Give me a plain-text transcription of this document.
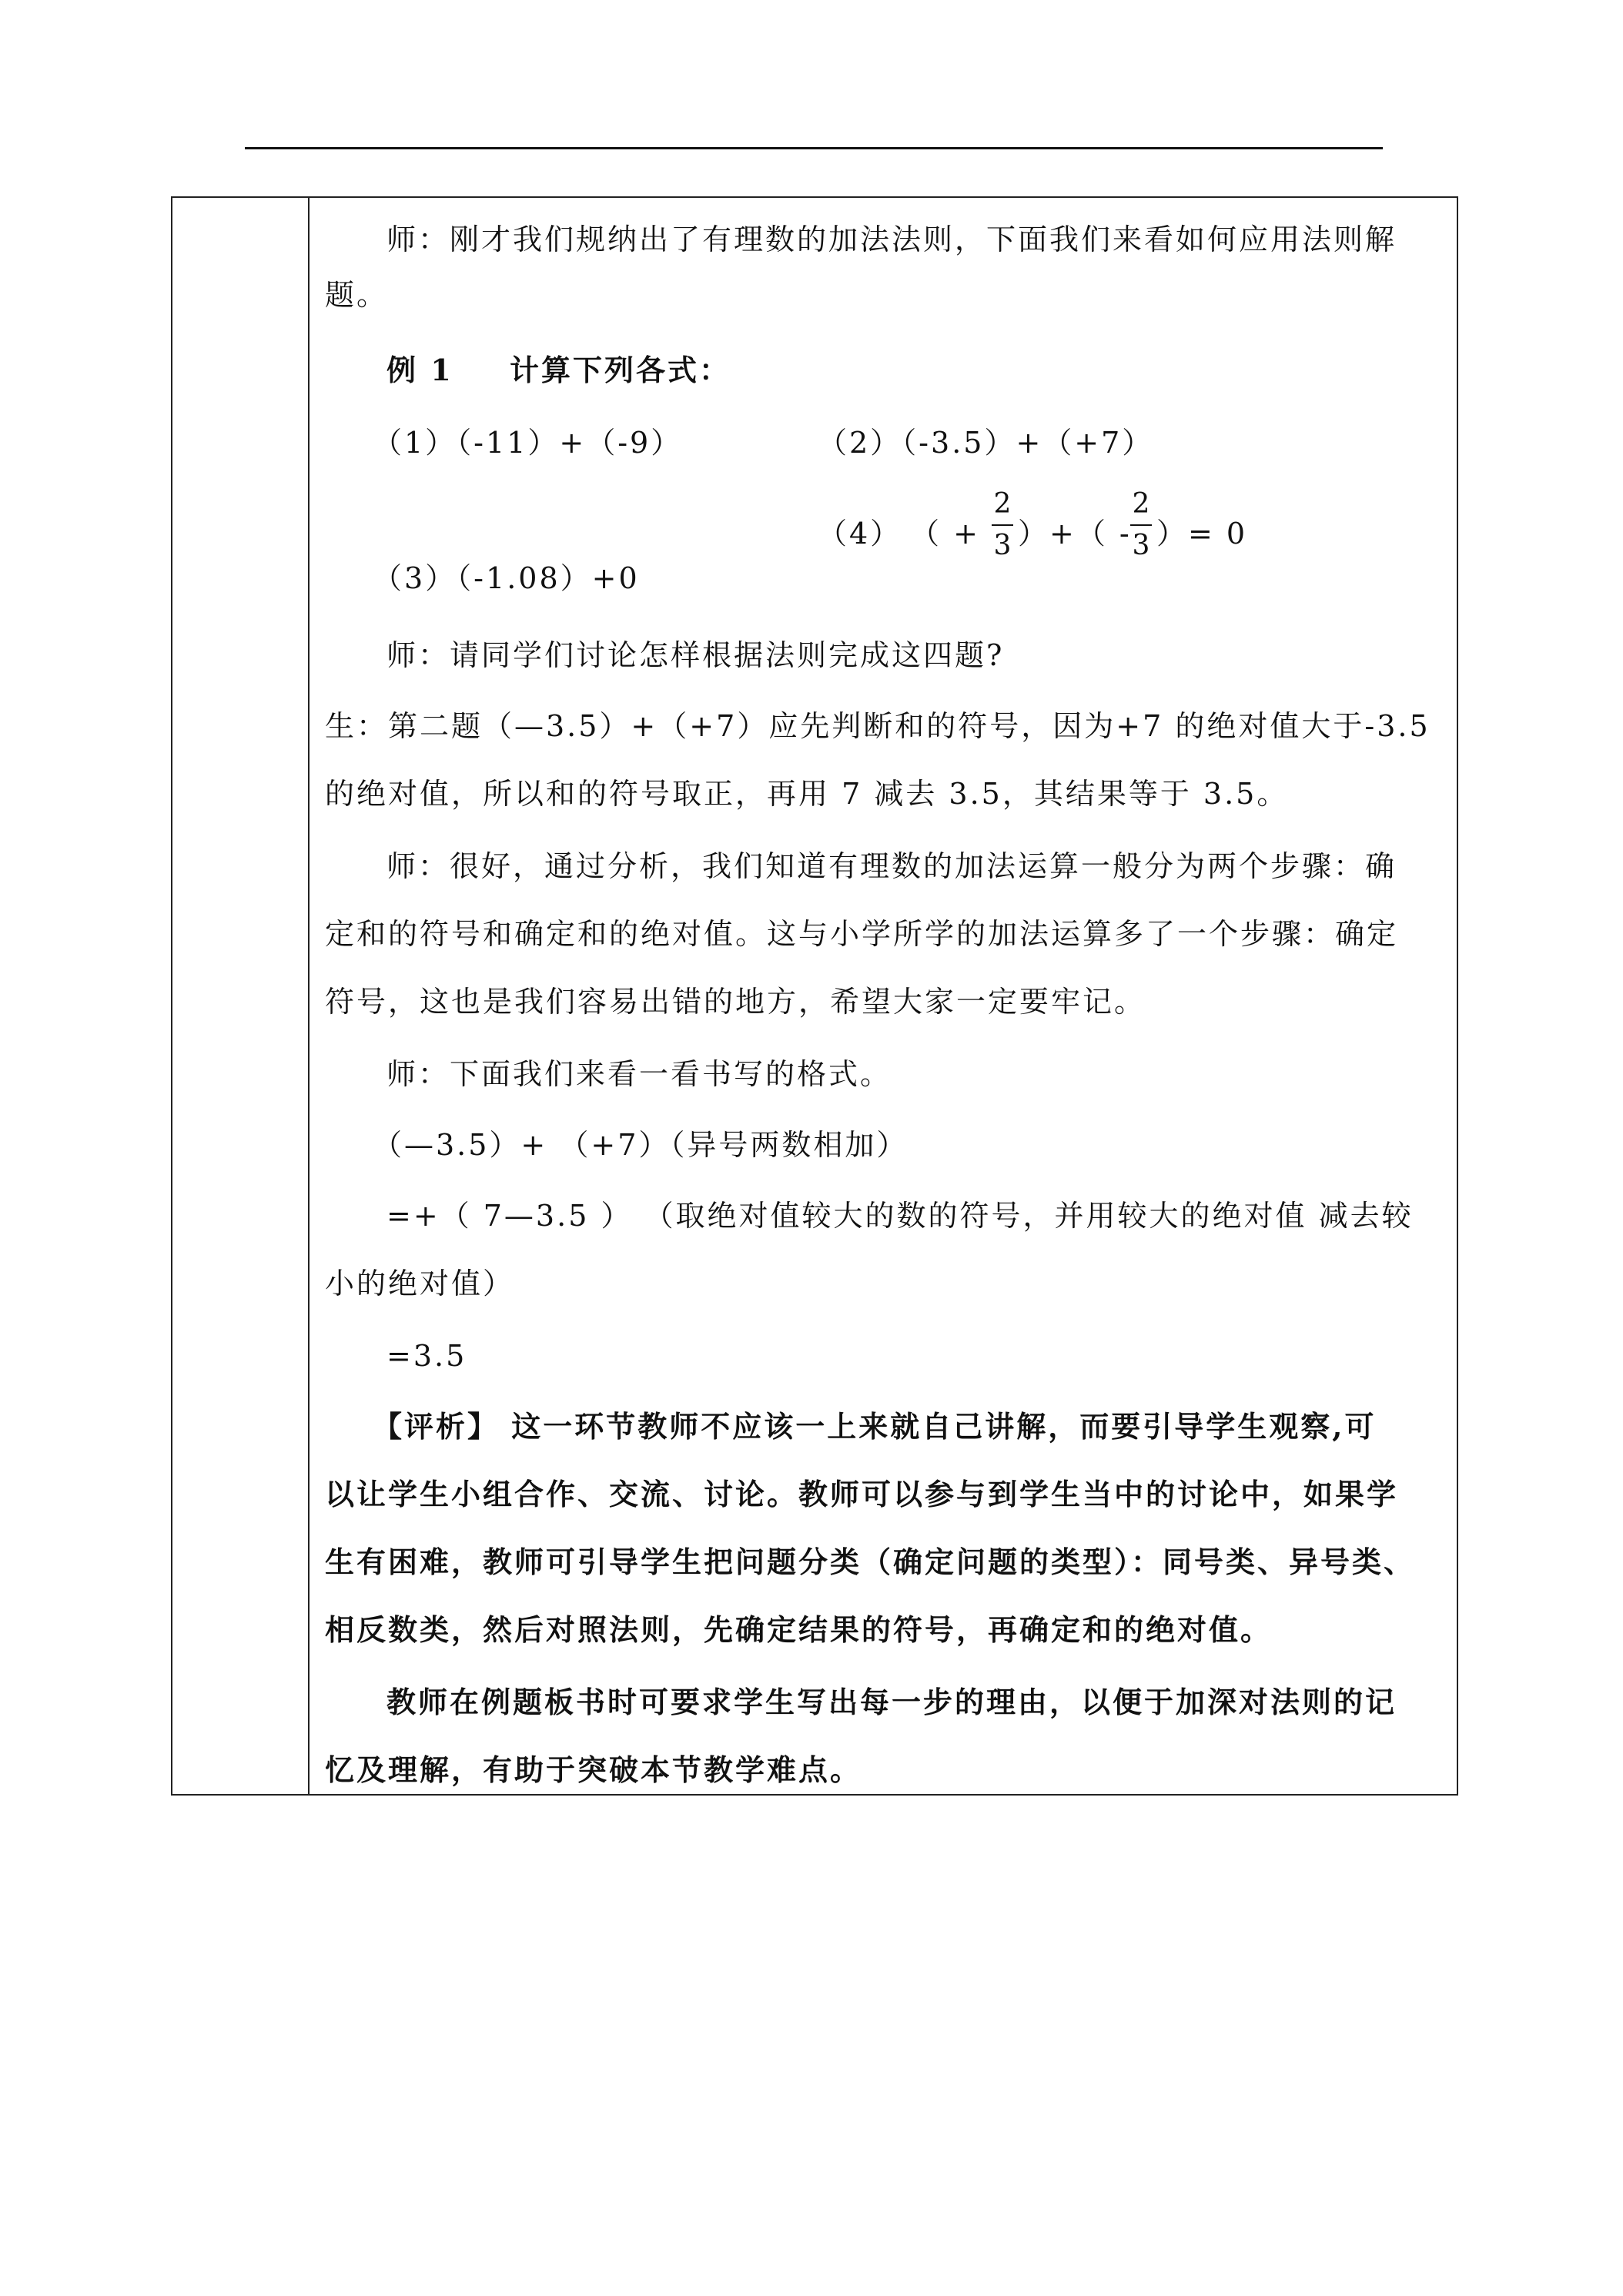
师：刚才我们规纳出了有理数的加法法则，下面我们来看如何应用法则解
题。
例 1 计算下列各式：
（1）（-11）+（-9）	（2）（-3.5）+（+7）
（4） （ +
2
3 ）+（ -
2
3 ）= 0
（3）（-1.08）+0
师：请同学们讨论怎样根据法则完成这四题?
生：第二题（—3.5）+（+7）应先判断和的符号，因为+7 的绝对值大于-3.5
的绝对值，所以和的符号取正，再用 7 减去 3.5，其结果等于 3.5。
师：很好，通过分析，我们知道有理数的加法运算一般分为两个步骤：确
定和的符号和确定和的绝对值。这与小学所学的加法运算多了一个步骤：确定
符号，这也是我们容易出错的地方，希望大家一定要牢记。
师：下面我们来看一看书写的格式。
（—3.5）+ （+7）（异号两数相加）
=+（ 7—3.5 ） （取绝对值较大的数的符号，并用较大的绝对值 减去较
小的绝对值）
=3.5
【评析】 这一环节教师不应该一上来就自己讲解，而要引导学生观察,可
以让学生小组合作、交流、讨论。教师可以参与到学生当中的讨论中，如果学
生有困难，教师可引导学生把问题分类（确定问题的类型）：同号类、异号类、
相反数类，然后对照法则，先确定结果的符号，再确定和的绝对值。
教师在例题板书时可要求学生写出每一步的理由，以便于加深对法则的记
忆及理解，有助于突破本节教学难点。
